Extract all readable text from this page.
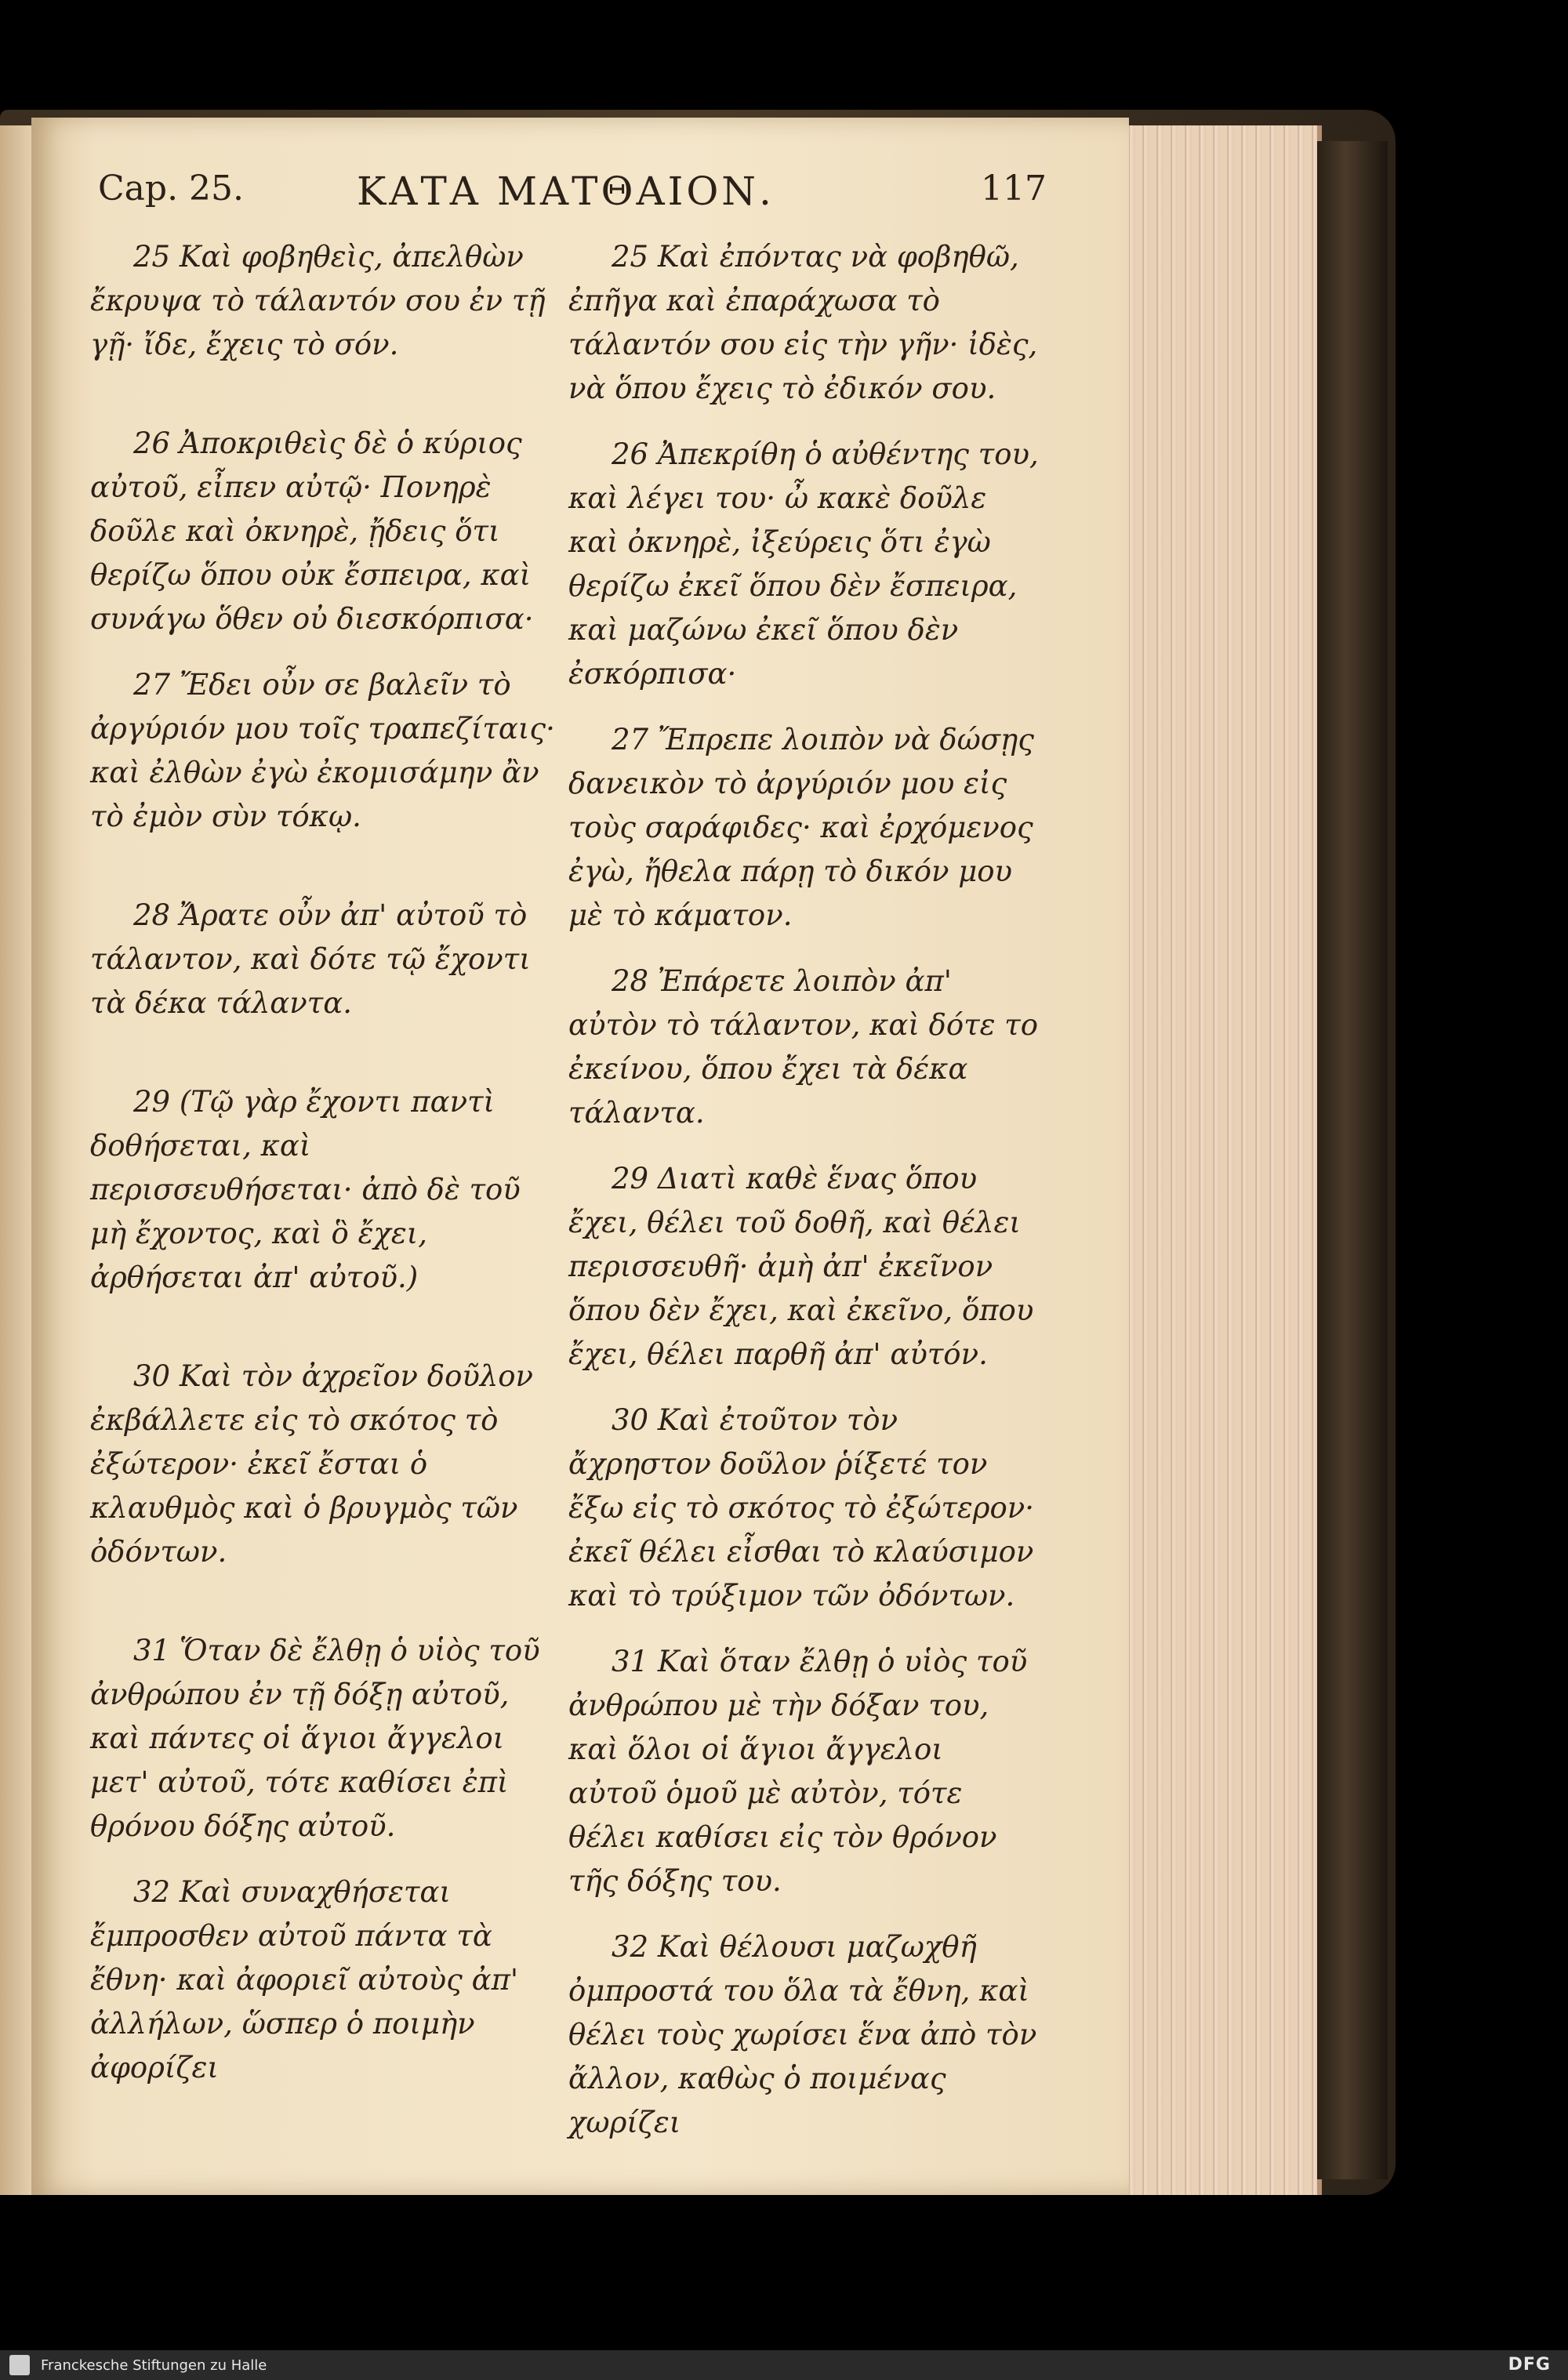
Cap. 25.	ΚΑΤΑ ΜΑΤΘΑΙΟΝ.	117

25 Καὶ φοβηθεὶς, ἀπελθὼν ἔκρυψα τὸ τάλαντόν σου ἐν τῇ γῇ· ἴδε, ἔχεις τὸ σόν.

26 Ἀποκριθεὶς δὲ ὁ κύριος αὐτοῦ, εἶπεν αὐτῷ· Πονηρὲ δοῦλε καὶ ὀκνηρὲ, ᾔδεις ὅτι θερίζω ὅπου οὐκ ἔσπειρα, καὶ συνάγω ὅθεν οὐ διεσκόρπισα·

27 Ἔδει οὖν σε βαλεῖν τὸ ἀργύριόν μου τοῖς τραπεζίταις· καὶ ἐλθὼν ἐγὼ ἐκομισάμην ἂν τὸ ἐμὸν σὺν τόκῳ.

28 Ἄρατε οὖν ἀπ' αὐτοῦ τὸ τάλαντον, καὶ δότε τῷ ἔχοντι τὰ δέκα τάλαντα.

29 (Τῷ γὰρ ἔχοντι παντὶ δοθήσεται, καὶ περισσευθήσεται· ἀπὸ δὲ τοῦ μὴ ἔχοντος, καὶ ὃ ἔχει, ἀρθήσεται ἀπ' αὐτοῦ.)

30 Καὶ τὸν ἀχρεῖον δοῦλον ἐκβάλλετε εἰς τὸ σκότος τὸ ἐξώτερον· ἐκεῖ ἔσται ὁ κλαυθμὸς καὶ ὁ βρυγμὸς τῶν ὀδόντων.

31 Ὅταν δὲ ἔλθῃ ὁ υἱὸς τοῦ ἀνθρώπου ἐν τῇ δόξῃ αὐτοῦ, καὶ πάντες οἱ ἅγιοι ἄγγελοι μετ' αὐτοῦ, τότε καθίσει ἐπὶ θρόνου δόξης αὐτοῦ.

32 Καὶ συναχθήσεται ἔμπροσθεν αὐτοῦ πάντα τὰ ἔθνη· καὶ ἀφοριεῖ αὐτοὺς ἀπ' ἀλλήλων, ὥσπερ ὁ ποιμὴν ἀφορίζει

25 Καὶ ἐπόντας νὰ φοβηθῶ, ἐπῆγα καὶ ἐπαράχωσα τὸ τάλαντόν σου εἰς τὴν γῆν· ἰδὲς, νὰ ὅπου ἔχεις τὸ ἐδικόν σου.

26 Ἀπεκρίθη ὁ αὐθέντης του, καὶ λέγει του· ὦ κακὲ δοῦλε καὶ ὀκνηρὲ, ἰξεύρεις ὅτι ἐγὼ θερίζω ἐκεῖ ὅπου δὲν ἔσπειρα, καὶ μαζώνω ἐκεῖ ὅπου δὲν ἐσκόρπισα·

27 Ἔπρεπε λοιπὸν νὰ δώσῃς δανεικὸν τὸ ἀργύριόν μου εἰς τοὺς σαράφιδες· καὶ ἐρχόμενος ἐγὼ, ἤθελα πάρῃ τὸ δικόν μου μὲ τὸ κάματον.

28 Ἐπάρετε λοιπὸν ἀπ' αὐτὸν τὸ τάλαντον, καὶ δότε το ἐκείνου, ὅπου ἔχει τὰ δέκα τάλαντα.

29 Διατὶ καθὲ ἕνας ὅπου ἔχει, θέλει τοῦ δοθῆ, καὶ θέλει περισσευθῆ· ἀμὴ ἀπ' ἐκεῖνον ὅπου δὲν ἔχει, καὶ ἐκεῖνο, ὅπου ἔχει, θέλει παρθῆ ἀπ' αὐτόν.

30 Καὶ ἐτοῦτον τὸν ἄχρηστον δοῦλον ῥίξετέ τον ἔξω εἰς τὸ σκότος τὸ ἐξώτερον· ἐκεῖ θέλει εἶσθαι τὸ κλαύσιμον καὶ τὸ τρύξιμον τῶν ὀδόντων.

31 Καὶ ὅταν ἔλθῃ ὁ υἱὸς τοῦ ἀνθρώπου μὲ τὴν δόξαν του, καὶ ὅλοι οἱ ἅγιοι ἄγγελοι αὐτοῦ ὁμοῦ μὲ αὐτὸν, τότε θέλει καθίσει εἰς τὸν θρόνον τῆς δόξης του.

32 Καὶ θέλουσι μαζωχθῆ ὀμπροστά του ὅλα τὰ ἔθνη, καὶ θέλει τοὺς χωρίσει ἕνα ἀπὸ τὸν ἄλλον, καθὼς ὁ ποιμένας χωρίζει

Franckesche Stiftungen zu Halle	DFG
